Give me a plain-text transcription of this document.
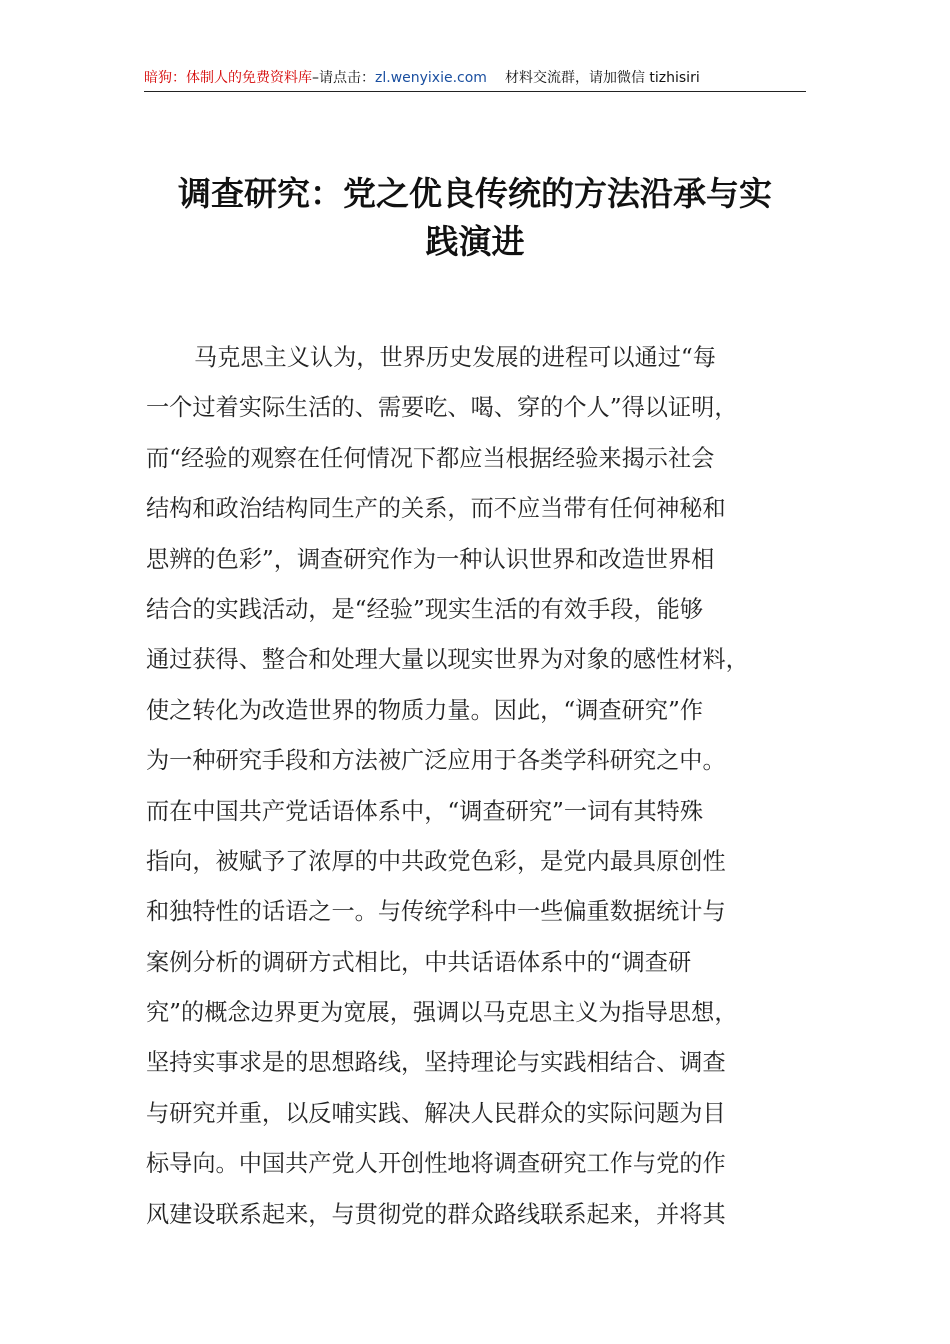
暗狗：体制人的免费资料库–请点击：zl.wenyixie.com 材料交流群，请加微信 tizhisiri
调查研究：党之优良传统的方法沿承与实
践演进
马克思主义认为，世界历史发展的进程可以通过“每
一个过着实际生活的、需要吃、喝、穿的个人”得以证明，
而“经验的观察在任何情况下都应当根据经验来揭示社会
结构和政治结构同生产的关系，而不应当带有任何神秘和
思辨的色彩”，调查研究作为一种认识世界和改造世界相
结合的实践活动，是“经验”现实生活的有效手段，能够
通过获得、整合和处理大量以现实世界为对象的感性材料，
使之转化为改造世界的物质力量。因此，“调查研究”作
为一种研究手段和方法被广泛应用于各类学科研究之中。
而在中国共产党话语体系中，“调查研究”一词有其特殊
指向，被赋予了浓厚的中共政党色彩，是党内最具原创性
和独特性的话语之一。与传统学科中一些偏重数据统计与
案例分析的调研方式相比，中共话语体系中的“调查研
究”的概念边界更为宽展，强调以马克思主义为指导思想，
坚持实事求是的思想路线，坚持理论与实践相结合、调查
与研究并重，以反哺实践、解决人民群众的实际问题为目
标导向。中国共产党人开创性地将调查研究工作与党的作
风建设联系起来，与贯彻党的群众路线联系起来，并将其
